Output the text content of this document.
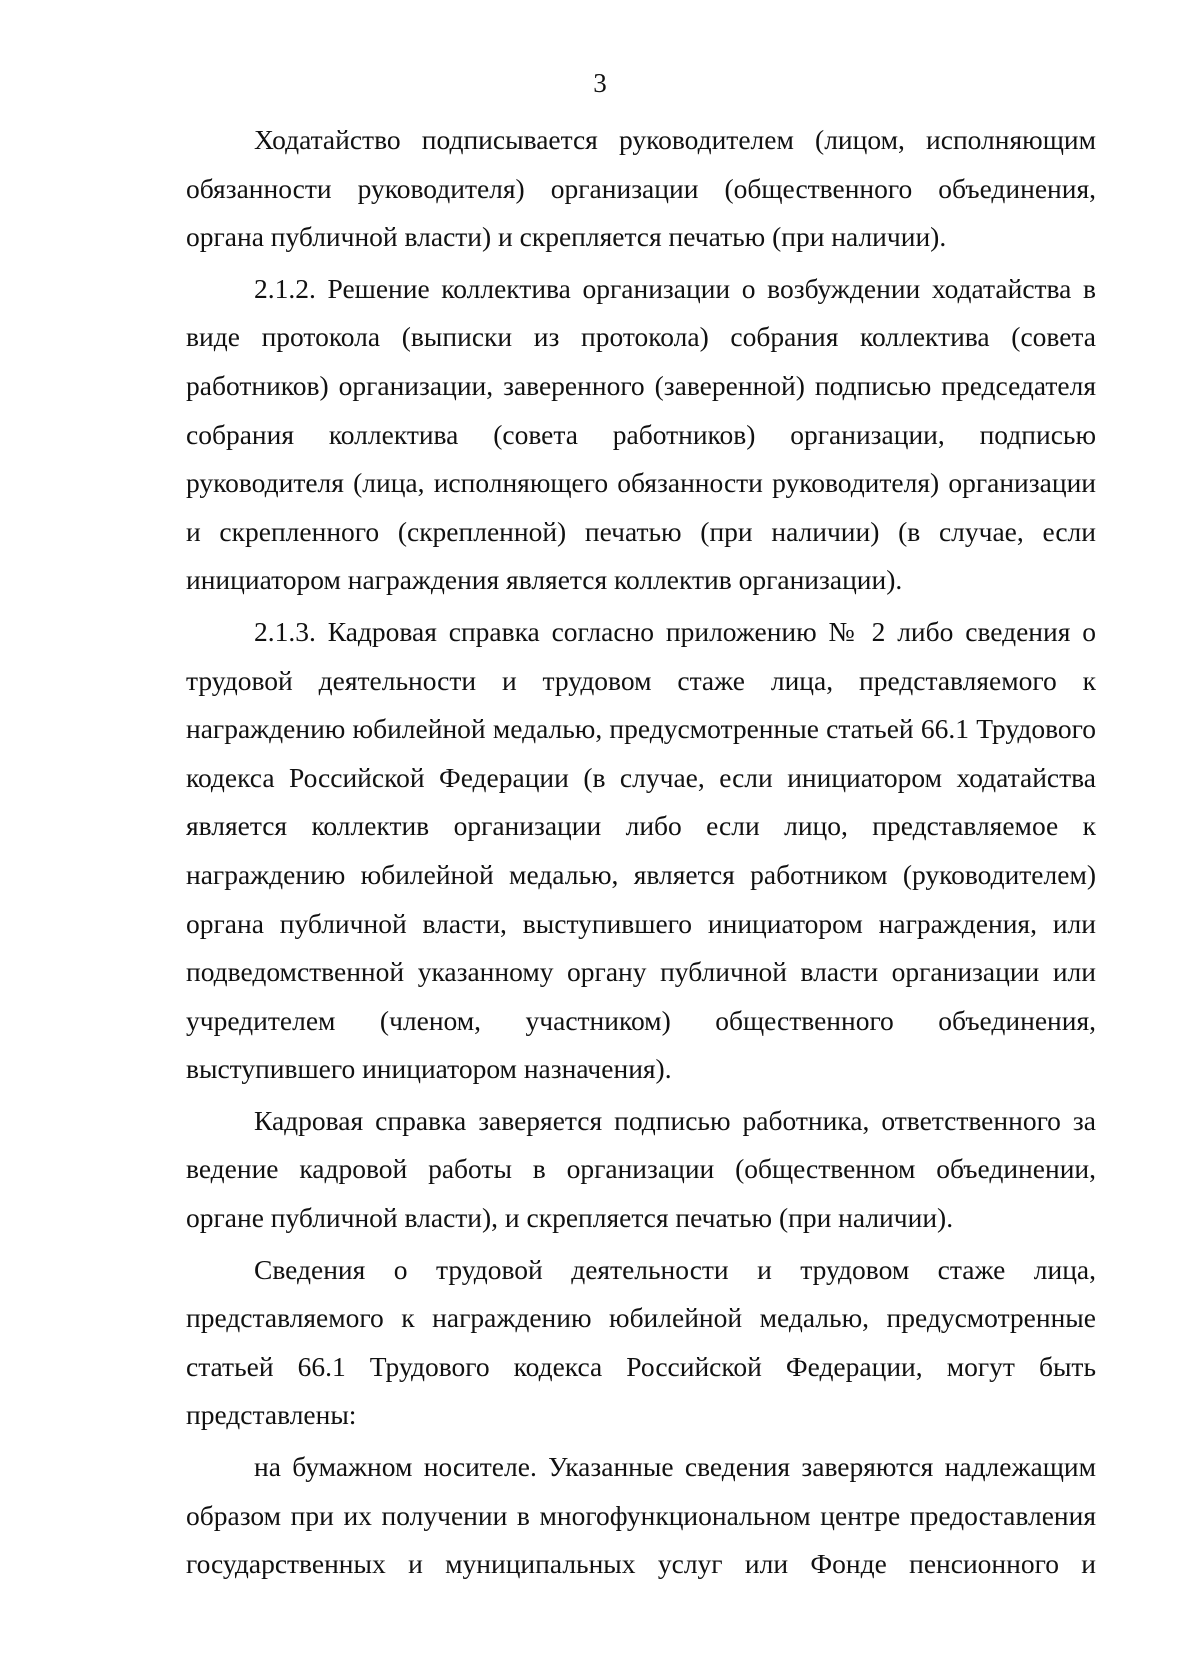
3

Ходатайство подписывается руководителем (лицом, исполняющим обязанности руководителя) организации (общественного объединения, органа публичной власти) и скрепляется печатью (при наличии).

2.1.2. Решение коллектива организации о возбуждении ходатайства в виде протокола (выписки из протокола) собрания коллектива (совета работников) организации, заверенного (заверенной) подписью председателя собрания коллектива (совета работников) организации, подписью руководителя (лица, исполняющего обязанности руководителя) организации и скрепленного (скрепленной) печатью (при наличии) (в случае, если инициатором награждения является коллектив организации).

2.1.3. Кадровая справка согласно приложению № 2 либо сведения о трудовой деятельности и трудовом стаже лица, представляемого к награждению юбилейной медалью, предусмотренные статьей 66.1 Трудового кодекса Российской Федерации (в случае, если инициатором ходатайства является коллектив организации либо если лицо, представляемое к награждению юбилейной медалью, является работником (руководителем) органа публичной власти, выступившего инициатором награждения, или подведомственной указанному органу публичной власти организации или учредителем (членом, участником) общественного объединения, выступившего инициатором назначения).

Кадровая справка заверяется подписью работника, ответственного за ведение кадровой работы в организации (общественном объединении, органе публичной власти), и скрепляется печатью (при наличии).

Сведения о трудовой деятельности и трудовом стаже лица, представляемого к награждению юбилейной медалью, предусмотренные статьей 66.1 Трудового кодекса Российской Федерации, могут быть представлены:

на бумажном носителе. Указанные сведения заверяются надлежащим образом при их получении в многофункциональном центре предоставления государственных и муниципальных услуг или Фонде пенсионного и
